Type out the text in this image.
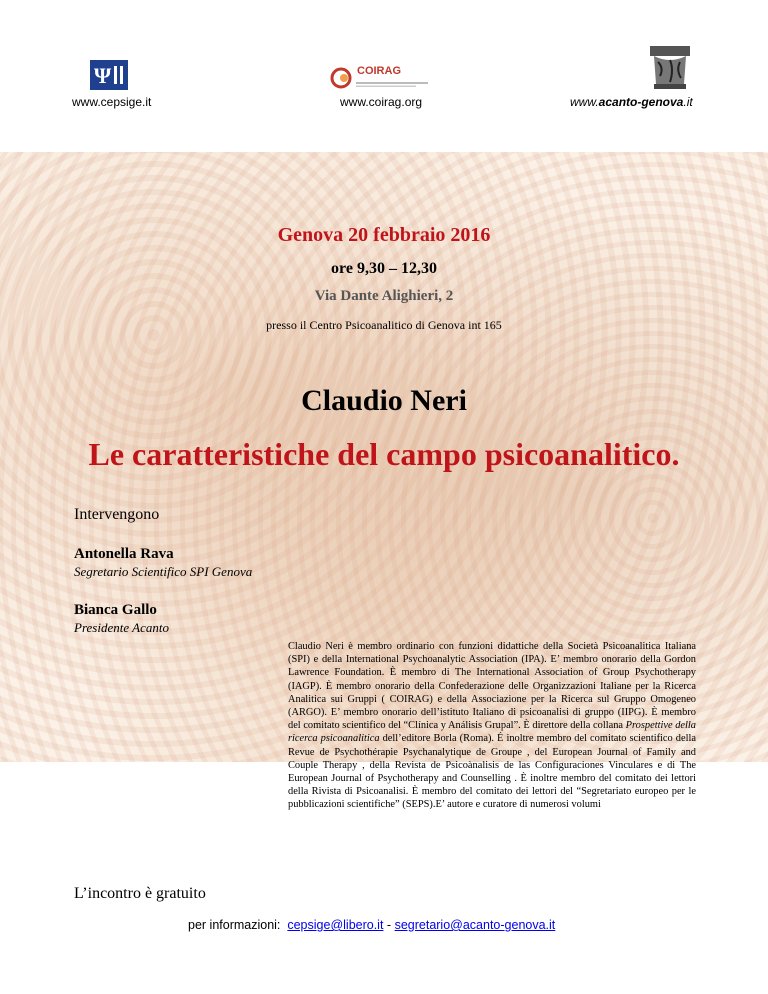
Ψ
www.cepsige.it
COIRAG
www.coirag.org	www.acanto-genova.it
Genova 20 febbraio 2016
ore 9,30 – 12,30
Via Dante Alighieri, 2
presso il Centro Psicoanalitico di Genova int 165
Claudio Neri
Le caratteristiche del campo psicoanalitico.
Intervengono
Antonella Rava
Segretario Scientifico SPI Genova
Bianca Gallo
Presidente Acanto
Claudio Neri è membro ordinario con funzioni didattiche della Società Psicoanalitica Italiana (SPI) e della International Psychoanalytic Association (IPA). E’ membro onorario della Gordon Lawrence Foundation. È membro di The International Association of Group Psychotherapy (IAGP). È membro onorario della Confederazione delle Organizzazioni Italiane per la Ricerca Analitica sui Gruppi ( COIRAG) e della Associazione per la Ricerca sul Gruppo Omogeneo (ARGO). E’ membro onorario dell’istituto Italiano di psicoanalisi di gruppo (IIPG). È membro del comitato scientifico del “Clínica y Análisis Grupal”. È direttore della collana Prospettive della ricerca psicoanalitica dell’editore Borla (Roma). É inoltre membro del comitato scientifico della Revue de Psychothérapie Psychanalytique de Groupe , del European Journal of Family and Couple Therapy , della Revista de Psicoànalisis de las Configuraciones Vinculares e di The European Journal of Psychotherapy and Counselling . È inoltre membro del comitato dei lettori della Rivista di Psicoanalisi. È membro del comitato dei lettori del “Segretariato europeo per le pubblicazioni scientifiche” (SEPS).E’ autore e curatore di numerosi volumi
L’incontro è gratuito
per informazioni: cepsige@libero.it - segretario@acanto-genova.it
